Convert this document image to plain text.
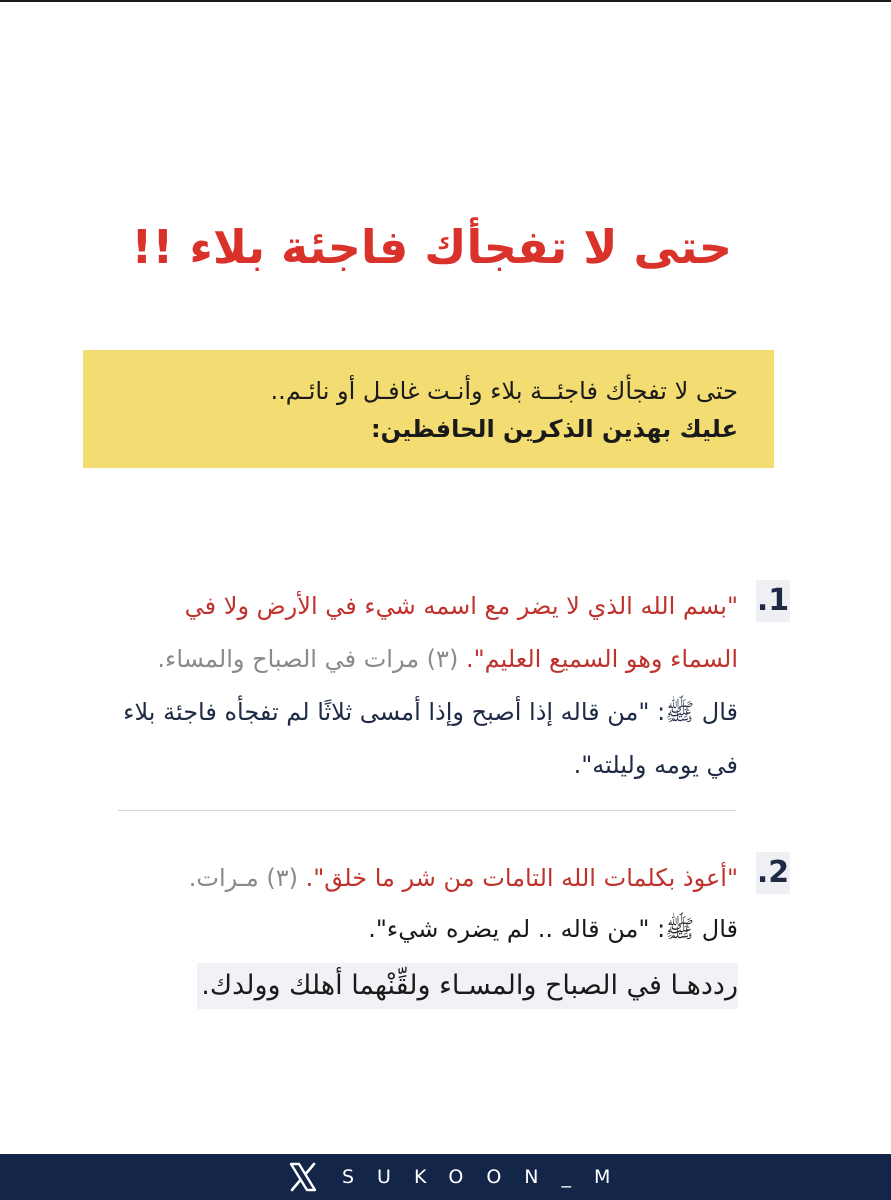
حتى لا تفجأك فاجئة بلاء !!
حتى لا تفجأك فاجئــة بلاء وأنـت غافـل أو نائـم..
عليك بهذين الذكرين الحافظين:
.1
"بسم الله الذي لا يضر مع اسمه شيء في الأرض ولا في
السماء وهو السميع العليم". (٣) مرات في الصباح والمساء.
قال ﷺ: "من قاله إذا أصبح وإذا أمسى ثلاثًا لم تفجأه فاجئة بلاء
في يومه وليلته".
.2
"أعوذ بكلمات الله التامات من شر ما خلق". (٣) مـرات.
قال ﷺ: "من قاله .. لم يضره شيء".
رددهـا في الصباح والمسـاء ولقِّنْهما أهلك وولدك.
SUKOON_M
